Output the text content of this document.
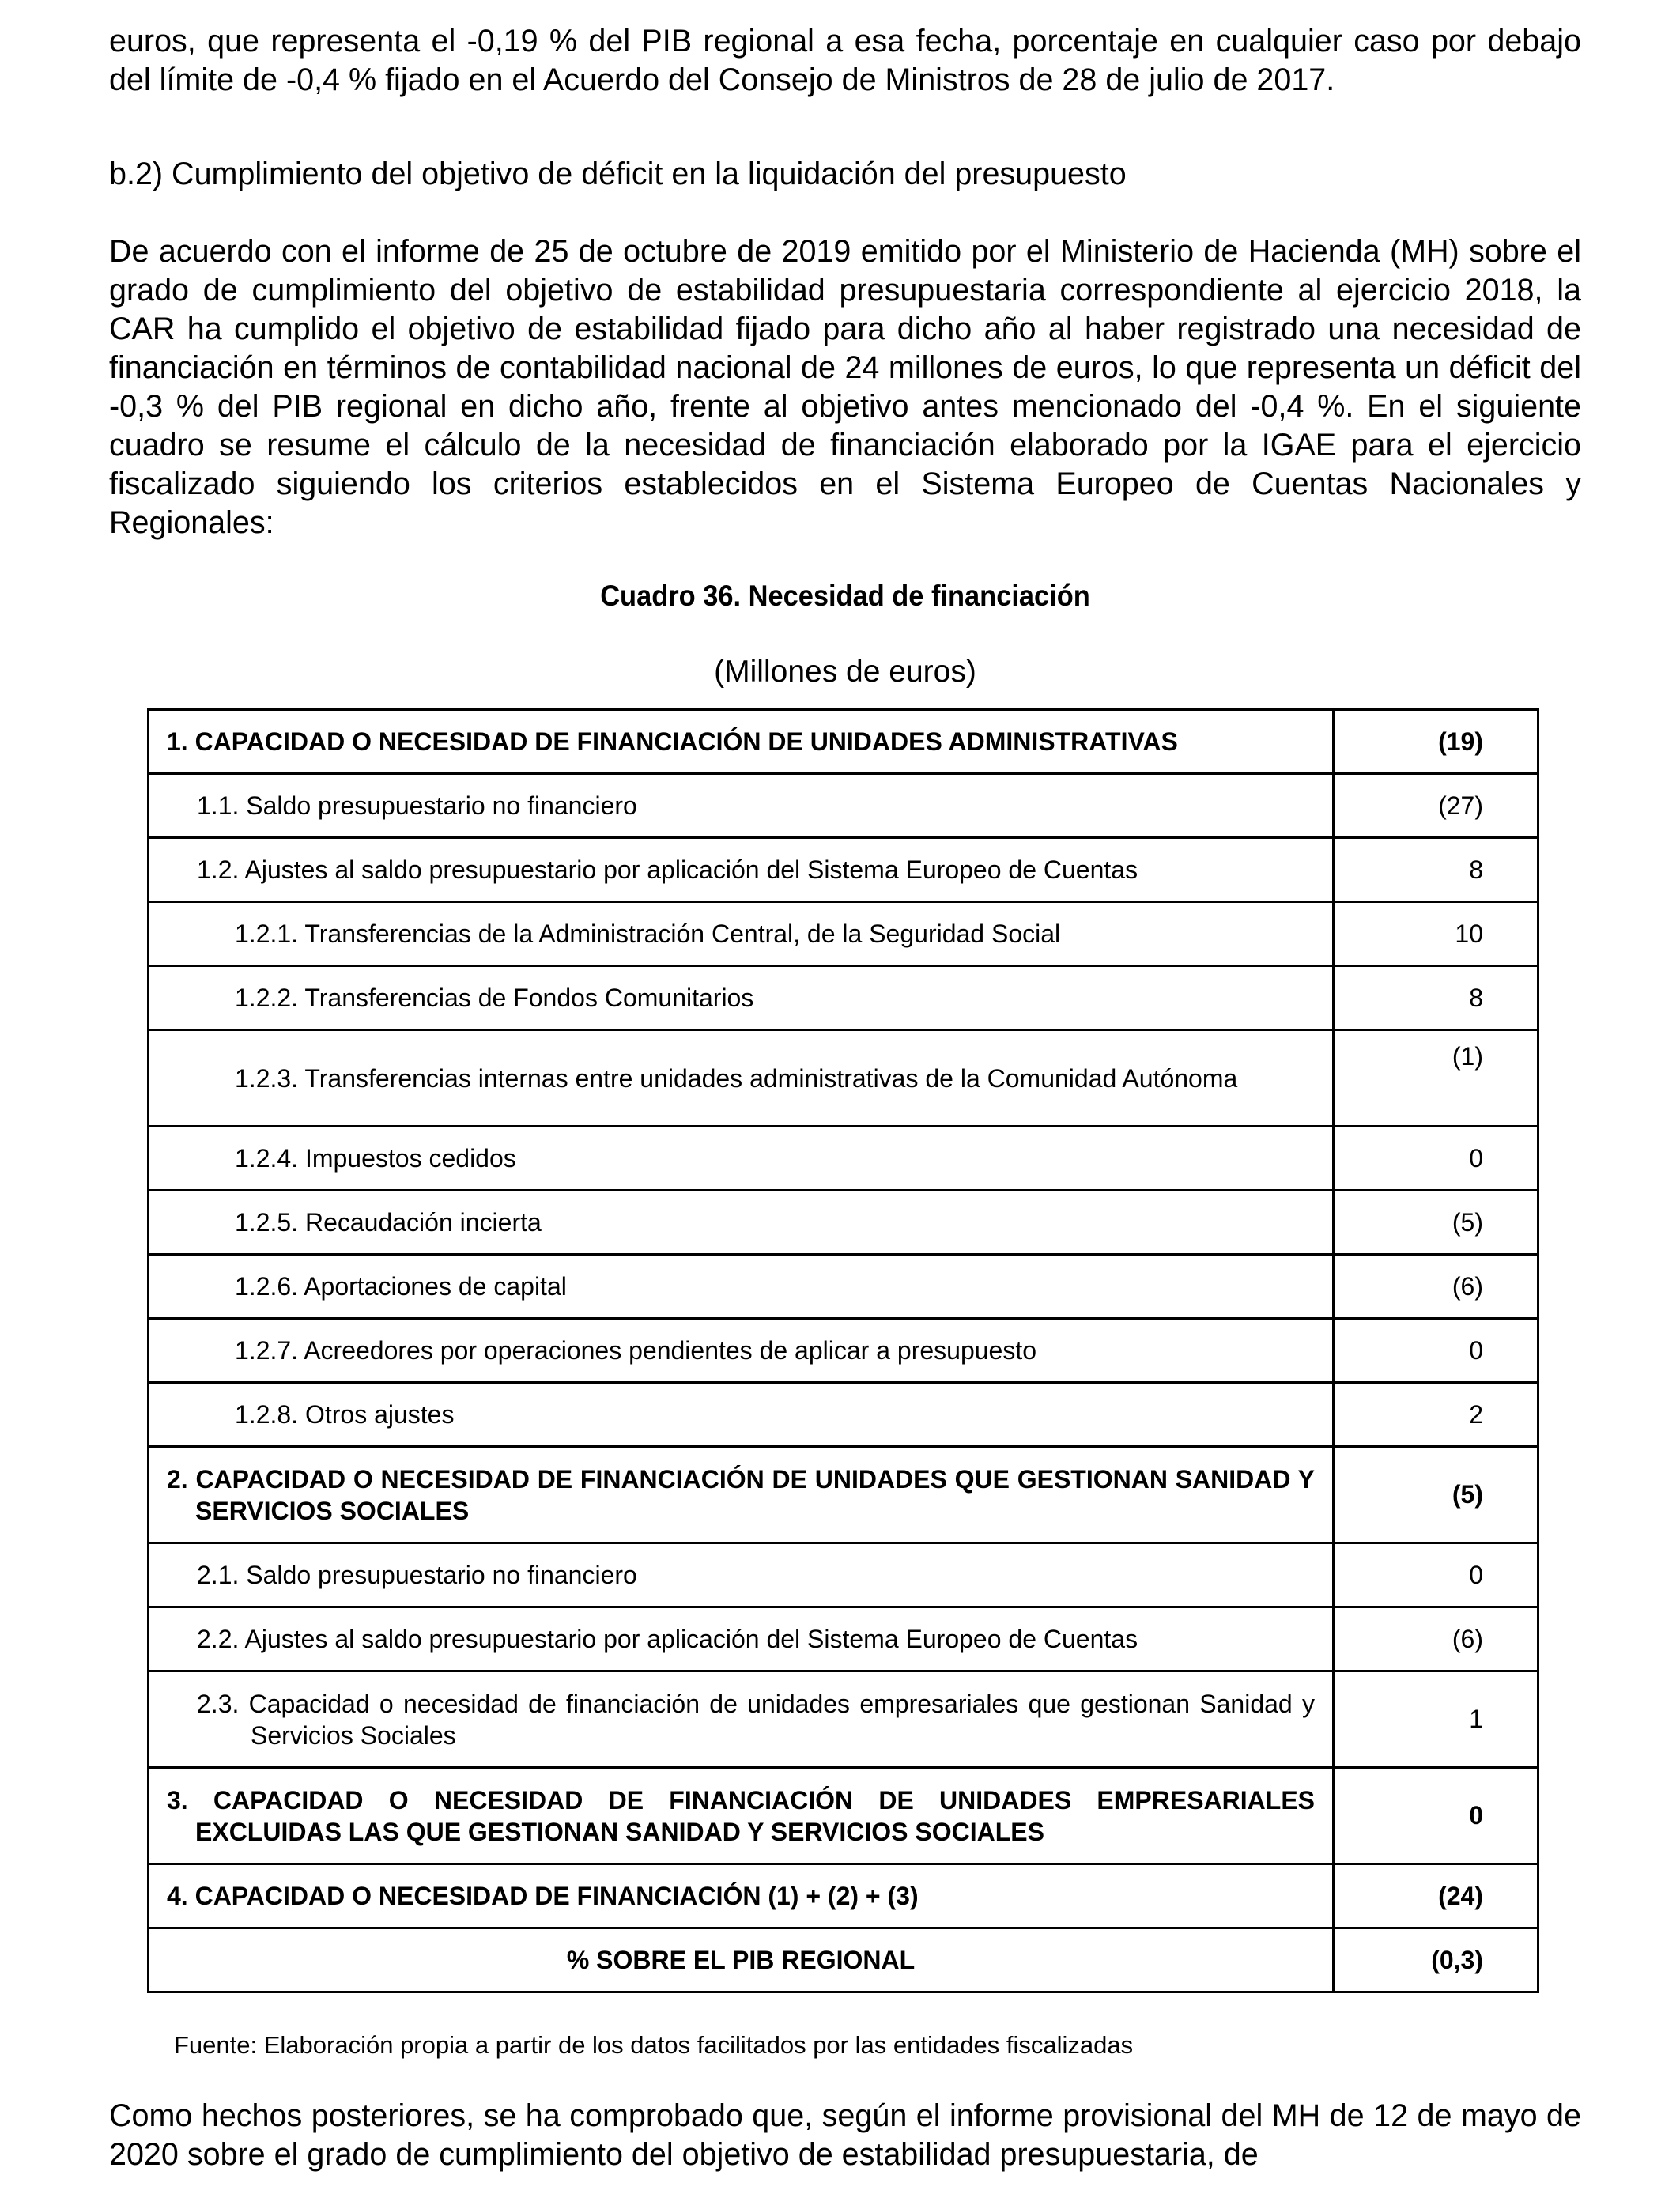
euros, que representa el -0,19 % del PIB regional a esa fecha, porcentaje en cualquier caso por debajo del límite de -0,4 % fijado en el Acuerdo del Consejo de Ministros de 28 de julio de 2017.

b.2) Cumplimiento del objetivo de déficit en la liquidación del presupuesto

De acuerdo con el informe de 25 de octubre de 2019 emitido por el Ministerio de Hacienda (MH) sobre el grado de cumplimiento del objetivo de estabilidad presupuestaria correspondiente al ejercicio 2018, la CAR ha cumplido el objetivo de estabilidad fijado para dicho año al haber registrado una necesidad de financiación en términos de contabilidad nacional de 24 millones de euros, lo que representa un déficit del -0,3 % del PIB regional en dicho año, frente al objetivo antes mencionado del -0,4 %. En el siguiente cuadro se resume el cálculo de la necesidad de financiación elaborado por la IGAE para el ejercicio fiscalizado siguiendo los criterios establecidos en el Sistema Europeo de Cuentas Nacionales y Regionales:

Cuadro 36. Necesidad de financiación
(Millones de euros)
1. CAPACIDAD O NECESIDAD DE FINANCIACIÓN DE UNIDADES ADMINISTRATIVAS	(19)
1.1. Saldo presupuestario no financiero	(27)
1.2. Ajustes al saldo presupuestario por aplicación del Sistema Europeo de Cuentas	8
1.2.1. Transferencias de la Administración Central, de la Seguridad Social	10
1.2.2. Transferencias de Fondos Comunitarios	8
1.2.3. Transferencias internas entre unidades administrativas de la Comunidad Autónoma	(1)
1.2.4. Impuestos cedidos	0
1.2.5. Recaudación incierta	(5)
1.2.6. Aportaciones de capital	(6)
1.2.7. Acreedores por operaciones pendientes de aplicar a presupuesto	0
1.2.8. Otros ajustes	2
2. CAPACIDAD O NECESIDAD DE FINANCIACIÓN DE UNIDADES QUE GESTIONAN SANIDAD Y SERVICIOS SOCIALES	(5)
2.1. Saldo presupuestario no financiero	0
2.2. Ajustes al saldo presupuestario por aplicación del Sistema Europeo de Cuentas	(6)
2.3. Capacidad o necesidad de financiación de unidades empresariales que gestionan Sanidad y Servicios Sociales	1
3. CAPACIDAD O NECESIDAD DE FINANCIACIÓN DE UNIDADES EMPRESARIALES EXCLUIDAS LAS QUE GESTIONAN SANIDAD Y SERVICIOS SOCIALES	0
4. CAPACIDAD O NECESIDAD DE FINANCIACIÓN (1) + (2) + (3)	(24)
% SOBRE EL PIB REGIONAL	(0,3)
Fuente: Elaboración propia a partir de los datos facilitados por las entidades fiscalizadas

Como hechos posteriores, se ha comprobado que, según el informe provisional del MH de 12 de mayo de 2020 sobre el grado de cumplimiento del objetivo de estabilidad presupuestaria, de
